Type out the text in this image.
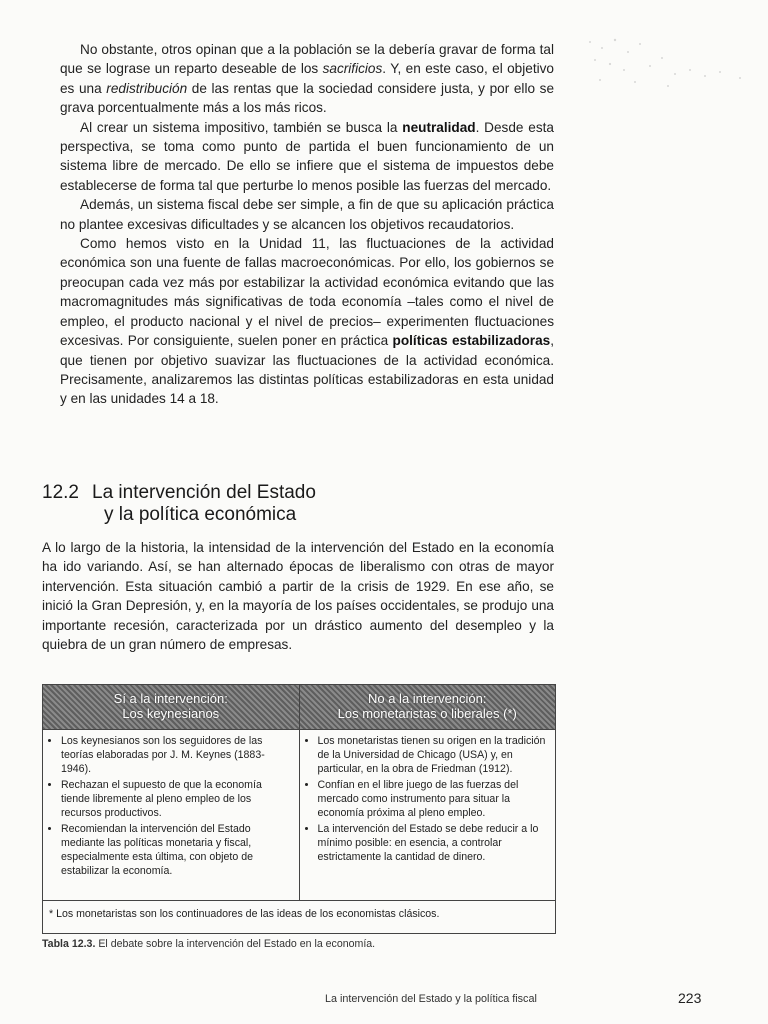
No obstante, otros opinan que a la población se la debería gravar de forma tal que se lograse un reparto deseable de los sacrificios. Y, en este caso, el objetivo es una redistribución de las rentas que la sociedad considere justa, y por ello se grava porcentualmente más a los más ricos.

Al crear un sistema impositivo, también se busca la neutralidad. Desde esta perspectiva, se toma como punto de partida el buen funcionamiento de un sistema libre de mercado. De ello se infiere que el sistema de impuestos debe establecerse de forma tal que perturbe lo menos posible las fuerzas del mercado.

Además, un sistema fiscal debe ser simple, a fin de que su aplicación práctica no plantee excesivas dificultades y se alcancen los objetivos recaudatorios.

Como hemos visto en la Unidad 11, las fluctuaciones de la actividad económica son una fuente de fallas macroeconómicas. Por ello, los gobiernos se preocupan cada vez más por estabilizar la actividad económica evitando que las macromagnitudes más significativas de toda economía –tales como el nivel de empleo, el producto nacional y el nivel de precios– experimenten fluctuaciones excesivas. Por consiguiente, suelen poner en práctica políticas estabilizadoras, que tienen por objetivo suavizar las fluctuaciones de la actividad económica. Precisamente, analizaremos las distintas políticas estabilizadoras en esta unidad y en las unidades 14 a 18.

12.2 La intervención del Estado
y la política económica

A lo largo de la historia, la intensidad de la intervención del Estado en la economía ha ido variando. Así, se han alternado épocas de liberalismo con otras de mayor intervención. Esta situación cambió a partir de la crisis de 1929. En ese año, se inició la Gran Depresión, y, en la mayoría de los países occidentales, se produjo una importante recesión, caracterizada por un drástico aumento del desempleo y la quiebra de un gran número de empresas.

Sí a la intervención:
Los keynesianos
No a la intervención:
Los monetaristas o liberales (*)
• Los keynesianos son los seguidores de las teorías elaboradas por J. M. Keynes (1883-1946).
• Rechazan el supuesto de que la economía tiende libremente al pleno empleo de los recursos productivos.
• Recomiendan la intervención del Estado mediante las políticas monetaria y fiscal, especialmente esta última, con objeto de estabilizar la economía.
• Los monetaristas tienen su origen en la tradición de la Universidad de Chicago (USA) y, en particular, en la obra de Friedman (1912).
• Confían en el libre juego de las fuerzas del mercado como instrumento para situar la economía próxima al pleno empleo.
• La intervención del Estado se debe reducir a lo mínimo posible: en esencia, a controlar estrictamente la cantidad de dinero.
* Los monetaristas son los continuadores de las ideas de los economistas clásicos.
Tabla 12.3. El debate sobre la intervención del Estado en la economía.
La intervención del Estado y la política fiscal	223
